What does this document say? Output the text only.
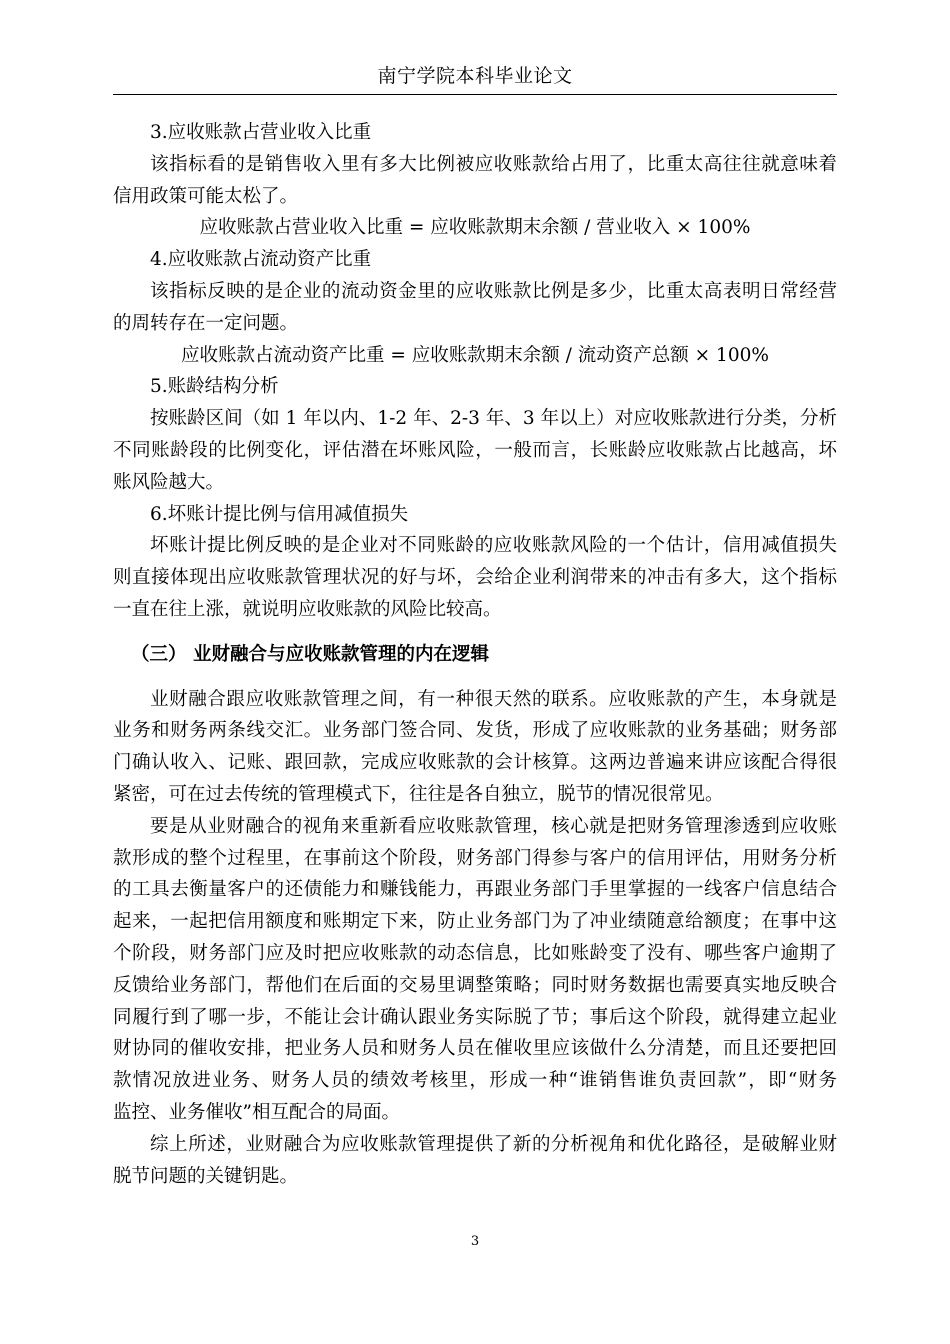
南宁学院本科毕业论文
3.应收账款占营业收入比重
该指标看的是销售收入里有多大比例被应收账款给占用了，比重太高往往就意味着
信用政策可能太松了。
应收账款占营业收入比重 = 应收账款期末余额 / 营业收入 × 100%
4.应收账款占流动资产比重
该指标反映的是企业的流动资金里的应收账款比例是多少，比重太高表明日常经营
的周转存在一定问题。
应收账款占流动资产比重 = 应收账款期末余额 / 流动资产总额 × 100%
5.账龄结构分析
按账龄区间（如 1 年以内、1-2 年、2-3 年、3 年以上）对应收账款进行分类，分析
不同账龄段的比例变化，评估潜在坏账风险，一般而言，长账龄应收账款占比越高，坏
账风险越大。
6.坏账计提比例与信用减值损失
坏账计提比例反映的是企业对不同账龄的应收账款风险的一个估计，信用减值损失
则直接体现出应收账款管理状况的好与坏，会给企业利润带来的冲击有多大，这个指标
一直在往上涨，就说明应收账款的风险比较高。
（三） 业财融合与应收账款管理的内在逻辑
业财融合跟应收账款管理之间，有一种很天然的联系。应收账款的产生，本身就是
业务和财务两条线交汇。业务部门签合同、发货，形成了应收账款的业务基础；财务部
门确认收入、记账、跟回款，完成应收账款的会计核算。这两边普遍来讲应该配合得很
紧密，可在过去传统的管理模式下，往往是各自独立，脱节的情况很常见。
要是从业财融合的视角来重新看应收账款管理，核心就是把财务管理渗透到应收账
款形成的整个过程里，在事前这个阶段，财务部门得参与客户的信用评估，用财务分析
的工具去衡量客户的还债能力和赚钱能力，再跟业务部门手里掌握的一线客户信息结合
起来，一起把信用额度和账期定下来，防止业务部门为了冲业绩随意给额度；在事中这
个阶段，财务部门应及时把应收账款的动态信息，比如账龄变了没有、哪些客户逾期了
反馈给业务部门，帮他们在后面的交易里调整策略；同时财务数据也需要真实地反映合
同履行到了哪一步，不能让会计确认跟业务实际脱了节；事后这个阶段，就得建立起业
财协同的催收安排，把业务人员和财务人员在催收里应该做什么分清楚，而且还要把回
款情况放进业务、财务人员的绩效考核里，形成一种“谁销售谁负责回款”，即“财务
监控、业务催收”相互配合的局面。
综上所述，业财融合为应收账款管理提供了新的分析视角和优化路径，是破解业财
脱节问题的关键钥匙。
3
